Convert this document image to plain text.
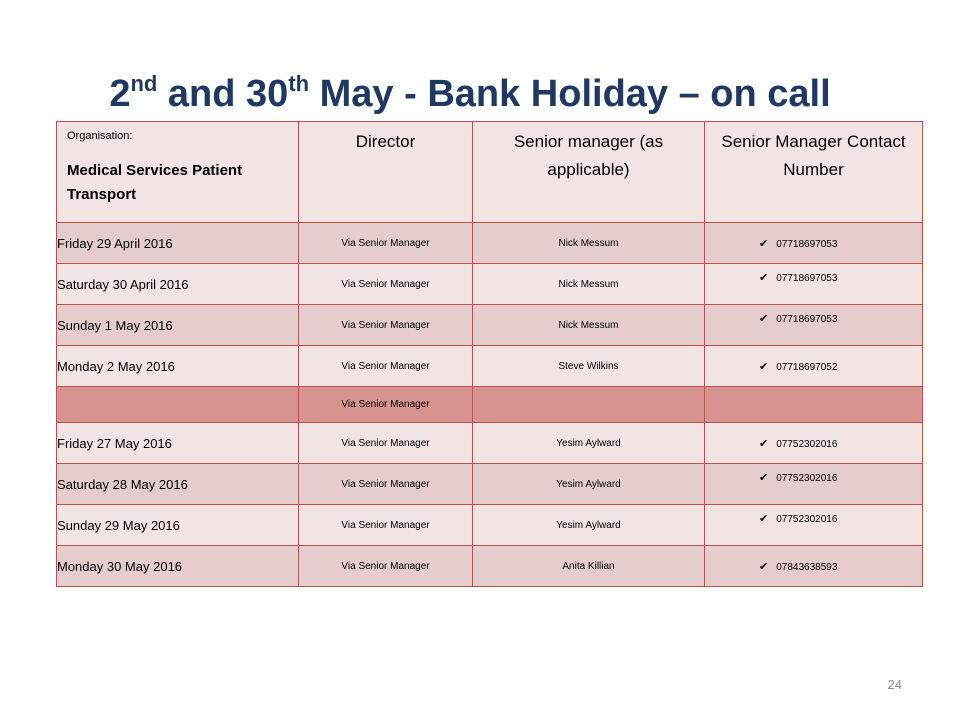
2nd and 30th May - Bank Holiday – on call
Organisation:
Medical Services Patient Transport	Director	Senior manager (as applicable)	Senior Manager Contact Number

Friday 29 April 2016	Via Senior Manager	Nick Messum	✔ 07718697053

Saturday 30 April 2016	Via Senior Manager	Nick Messum	✔ 07718697053

Sunday 1 May 2016	Via Senior Manager	Nick Messum	✔ 07718697053

Monday 2 May 2016	Via Senior Manager	Steve Wilkins	✔ 07718697052

	Via Senior Manager		
Friday 27 May 2016	Via Senior Manager	Yesim Aylward	✔ 07752302016

Saturday 28 May 2016	Via Senior Manager	Yesim Aylward	✔ 07752302016

Sunday 29 May 2016	Via Senior Manager	Yesim Aylward	✔ 07752302016

Monday 30 May 2016	Via Senior Manager	Anita Killian	✔ 07843638593
24
